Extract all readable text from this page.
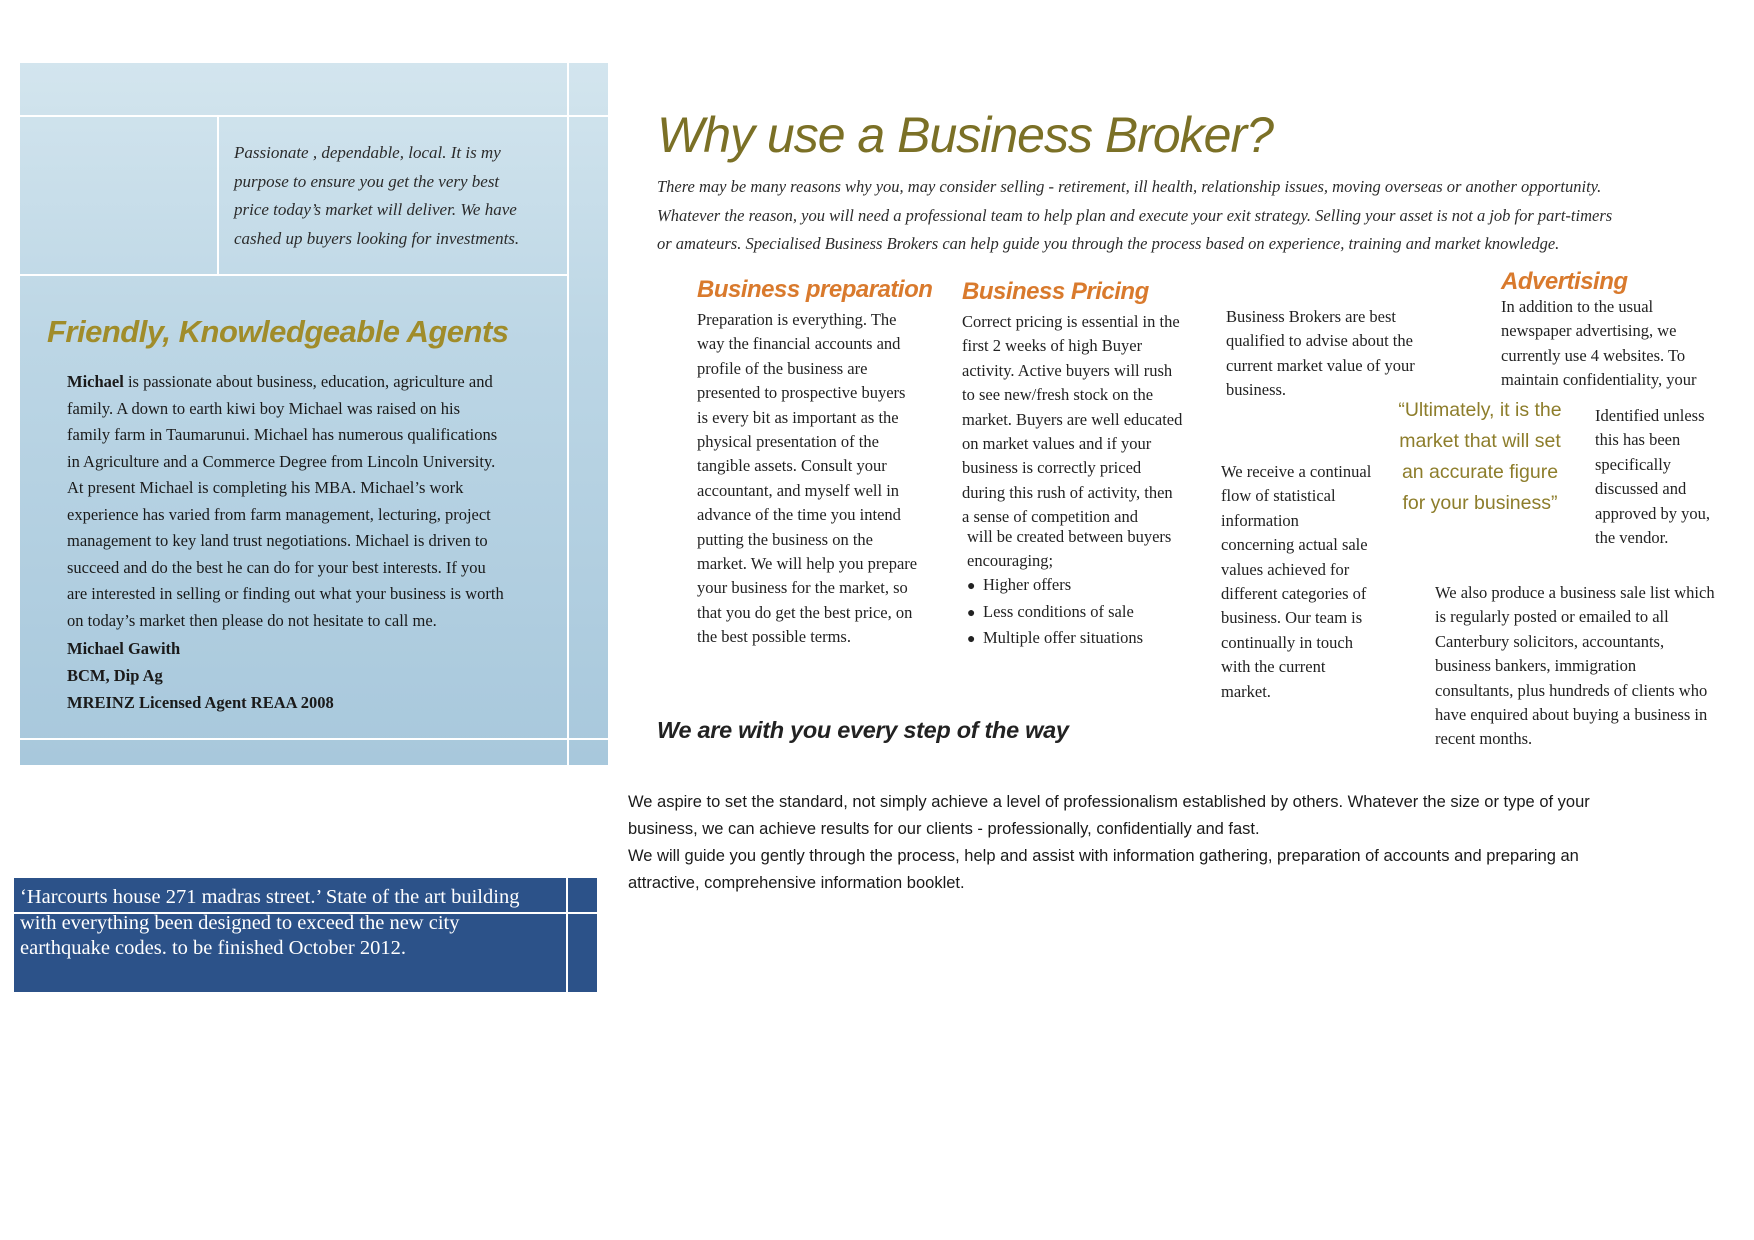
Passionate , dependable, local. It is my
purpose to ensure you get the very best
price today’s market will deliver. We have
cashed up buyers looking for investments.
Friendly, Knowledgeable Agents
Michael is passionate about business, education, agriculture and
family. A down to earth kiwi boy Michael was raised on his
family farm in Taumarunui. Michael has numerous qualifications
in Agriculture and a Commerce Degree from Lincoln University.
At present Michael is completing his MBA. Michael’s work
experience has varied from farm management, lecturing, project
management to key land trust negotiations. Michael is driven to
succeed and do the best he can do for your best interests. If you
are interested in selling or finding out what your business is worth
on today’s market then please do not hesitate to call me.
Michael Gawith
BCM, Dip Ag
MREINZ Licensed Agent REAA 2008
‘Harcourts house 271 madras street.’ State of the art building
with everything been designed to exceed the new city
earthquake codes. to be finished October 2012.
Why use a Business Broker?
There may be many reasons why you, may consider selling - retirement, ill health, relationship issues, moving overseas or another opportunity.
Whatever the reason, you will need a professional team to help plan and execute your exit strategy. Selling your asset is not a job for part-timers
or amateurs. Specialised Business Brokers can help guide you through the process based on experience, training and market knowledge.
Business preparation
Preparation is everything. The
way the financial accounts and
profile of the business are
presented to prospective buyers
is every bit as important as the
physical presentation of the
tangible assets. Consult your
accountant, and myself well in
advance of the time you intend
putting the business on the
market. We will help you prepare
your business for the market, so
that you do get the best price, on
the best possible terms.
Business Pricing
Correct pricing is essential in the
first 2 weeks of high Buyer
activity. Active buyers will rush
to see new/fresh stock on the
market. Buyers are well educated
on market values and if your
business is correctly priced
during this rush of activity, then
a sense of competition and
will be created between buyers
encouraging;
● Higher offers
● Less conditions of sale
● Multiple offer situations
Business Brokers are best
qualified to advise about the
current market value of your
business.
We receive a continual
flow of statistical
information
concerning actual sale
values achieved for
different categories of
business. Our team is
continually in touch
with the current
market.
“Ultimately, it is the
market that will set
an accurate figure
for your business”
Advertising
In addition to the usual
newspaper advertising, we
currently use 4 websites. To
maintain confidentiality, your
Identified unless
this has been
specifically
discussed and
approved by you,
the vendor.
We also produce a business sale list which
is regularly posted or emailed to all
Canterbury solicitors, accountants,
business bankers, immigration
consultants, plus hundreds of clients who
have enquired about buying a business in
recent months.
We are with you every step of the way
We aspire to set the standard, not simply achieve a level of professionalism established by others. Whatever the size or type of your
business, we can achieve results for our clients - professionally, confidentially and fast.
We will guide you gently through the process, help and assist with information gathering, preparation of accounts and preparing an
attractive, comprehensive information booklet.
